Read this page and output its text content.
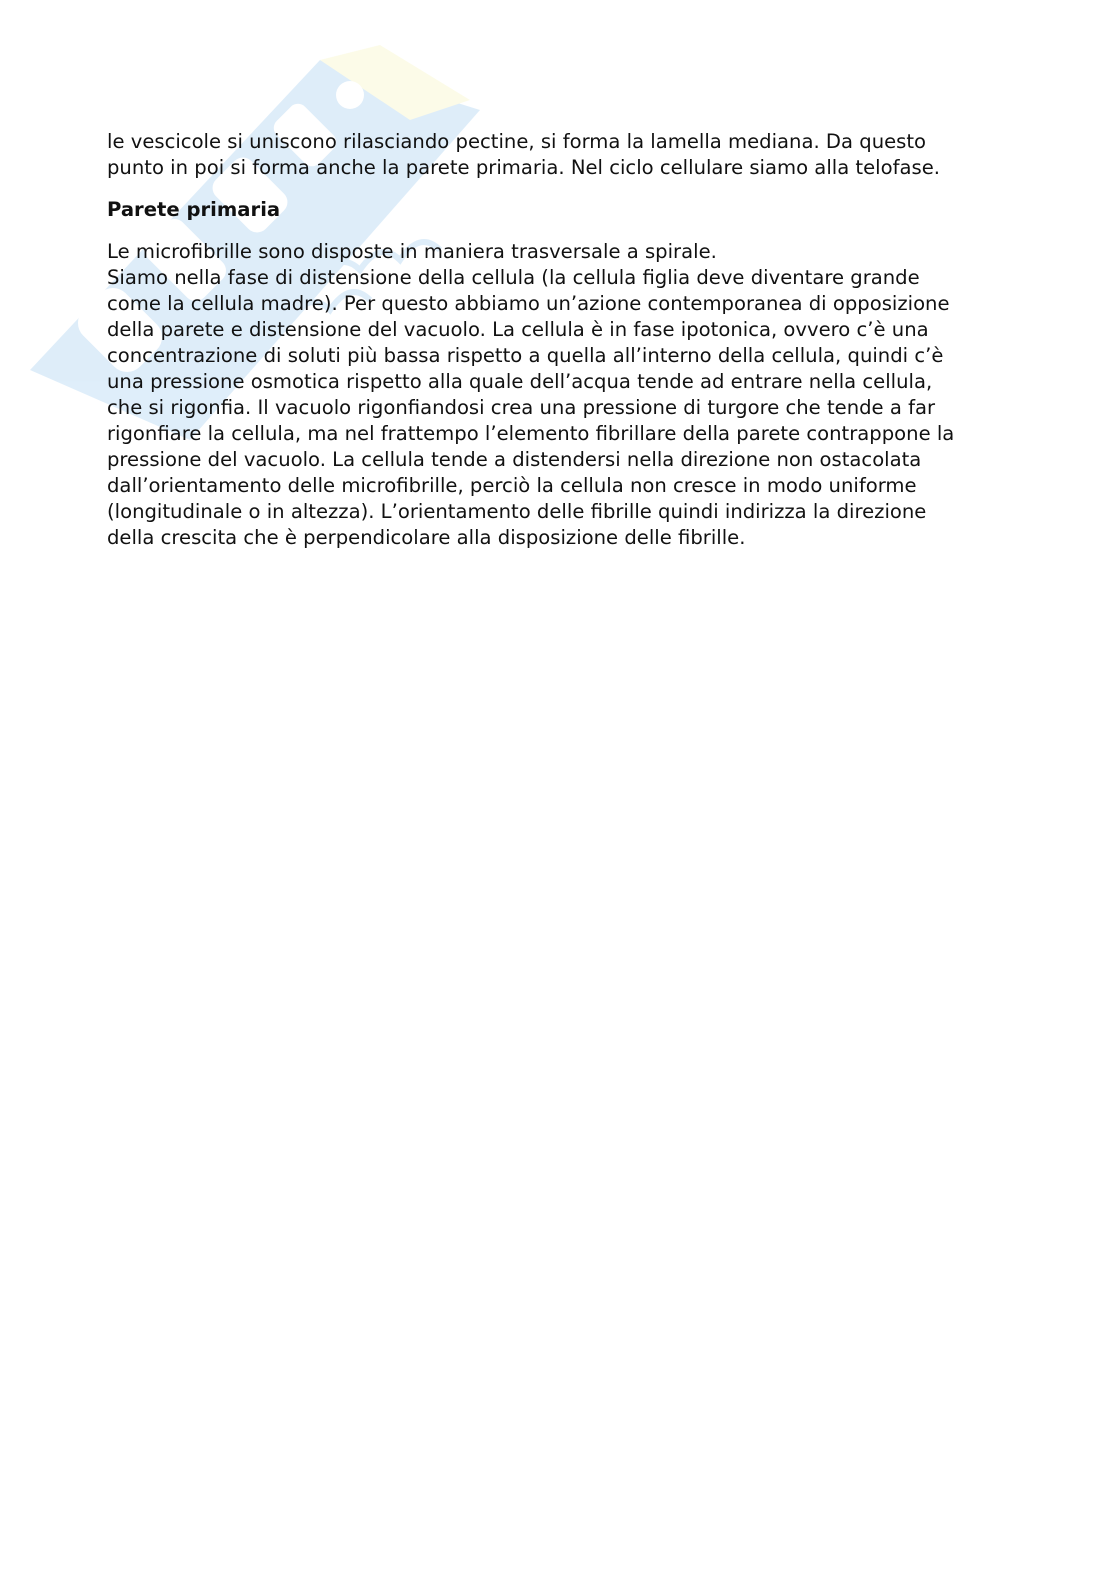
le vescicole si uniscono rilasciando pectine, si forma la lamella mediana. Da questo
punto in poi si forma anche la parete primaria. Nel ciclo cellulare siamo alla telofase.

Parete primaria

Le microfibrille sono disposte in maniera trasversale a spirale.
Siamo nella fase di distensione della cellula (la cellula figlia deve diventare grande
come la cellula madre). Per questo abbiamo un’azione contemporanea di opposizione
della parete e distensione del vacuolo. La cellula è in fase ipotonica, ovvero c’è una
concentrazione di soluti più bassa rispetto a quella all’interno della cellula, quindi c’è
una pressione osmotica rispetto alla quale dell’acqua tende ad entrare nella cellula,
che si rigonfia. Il vacuolo rigonfiandosi crea una pressione di turgore che tende a far
rigonfiare la cellula, ma nel frattempo l’elemento fibrillare della parete contrappone la
pressione del vacuolo. La cellula tende a distendersi nella direzione non ostacolata
dall’orientamento delle microfibrille, perciò la cellula non cresce in modo uniforme
(longitudinale o in altezza). L’orientamento delle fibrille quindi indirizza la direzione
della crescita che è perpendicolare alla disposizione delle fibrille.
